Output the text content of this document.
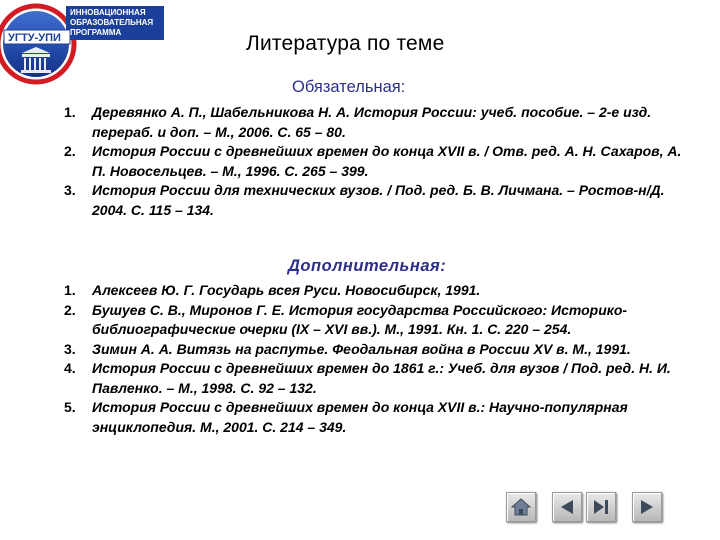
ИННОВАЦИОННАЯ
ОБРАЗОВАТЕЛЬНАЯ
ПРОГРАММА
УГТУ-УПИ	Литература по теме
Обязательная:
1. Деревянко А. П., Шабельникова Н. А. История России: учеб. пособие. – 2-е изд. перераб. и доп. – М., 2006. С. 65 – 80.
2. История России с древнейших времен до конца XVII в. / Отв. ред. А. Н. Сахаров, А. П. Новосельцев. – М., 1996. С. 265 – 399.
3. История России для технических вузов. / Под. ред. Б. В. Личмана. – Ростов-н/Д. 2004. С. 115 – 134.
Дополнительная:
1. Алексеев Ю. Г. Государь всея Руси. Новосибирск, 1991.
2. Бушуев С. В., Миронов Г. Е. История государства Российского: Историко-библиографические очерки (IX – XVI вв.). М., 1991. Кн. 1. С. 220 – 254.
3. Зимин А. А. Витязь на распутье. Феодальная война в России XV в. М., 1991.
4. История России с древнейших времен до 1861 г.: Учеб. для вузов / Под. ред. Н. И. Павленко. – М., 1998. С. 92 – 132.
5. История России с древнейших времен до конца XVII в.: Научно-популярная энциклопедия. М., 2001. С. 214 – 349.
